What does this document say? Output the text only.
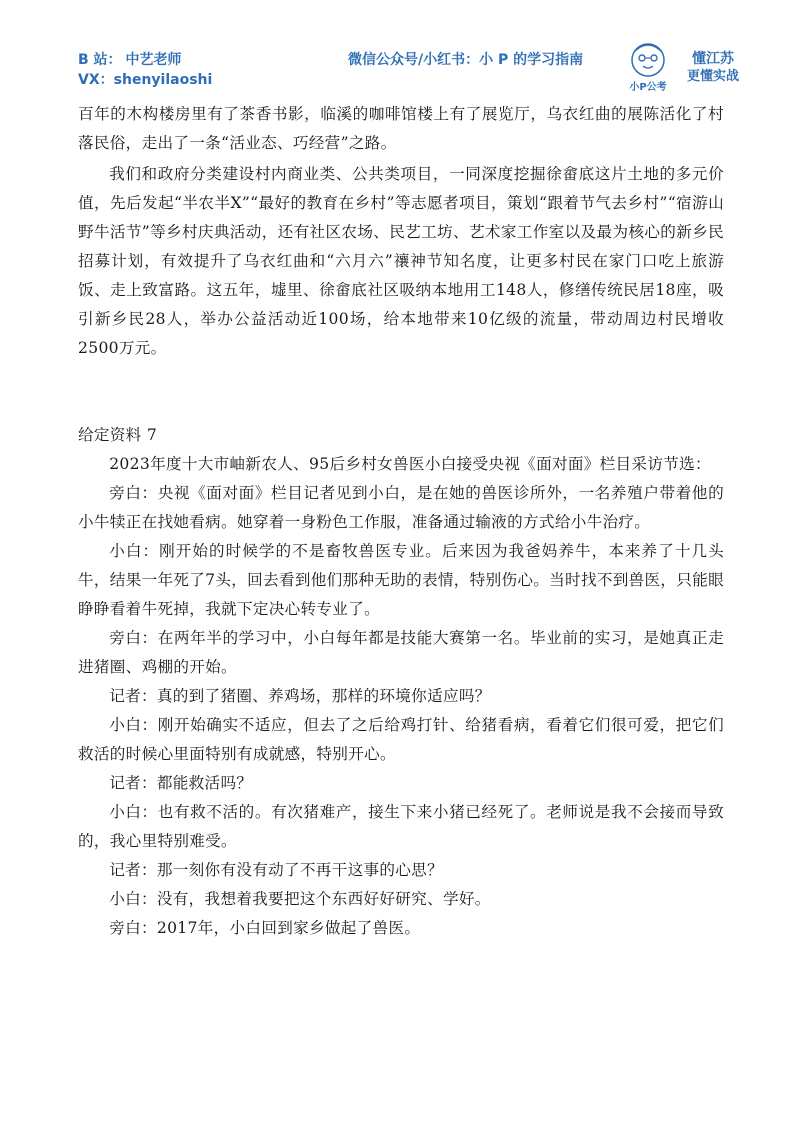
B 站： 中艺老师
VX：shenyilaoshi
微信公众号/小红书：小 P 的学习指南
小P公考
懂江苏
更懂实战

百年的木构楼房里有了茶香书影，临溪的咖啡馆楼上有了展览厅，乌衣红曲的展陈活化了村落民俗，走出了一条“活业态、巧经营”之路。

我们和政府分类建设村内商业类、公共类项目，一同深度挖掘徐畲底这片土地的多元价值，先后发起“半农半X”“最好的教育在乡村”等志愿者项目，策划“跟着节气去乡村”“宿游山野牛活节”等乡村庆典活动，还有社区农场、民艺工坊、艺术家工作室以及最为核心的新乡民招募计划，有效提升了乌衣红曲和“六月六”禳神节知名度，让更多村民在家门口吃上旅游饭、走上致富路。这五年，墟里、徐畲底社区吸纳本地用工148人，修缮传统民居18座，吸引新乡民28人，举办公益活动近100场，给本地带来10亿级的流量，带动周边村民增收2500万元。

给定资料 7

2023年度十大市岫新农人、95后乡村女兽医小白接受央视《面对面》栏目采访节选：

旁白：央视《面对面》栏目记者见到小白，是在她的兽医诊所外，一名养殖户带着他的小牛犊正在找她看病。她穿着一身粉色工作服，准备通过输液的方式给小牛治疗。

小白：刚开始的时候学的不是畜牧兽医专业。后来因为我爸妈养牛，本来养了十几头牛，结果一年死了7头，回去看到他们那种无助的表情，特别伤心。当时找不到兽医，只能眼睁睁看着牛死掉，我就下定决心转专业了。

旁白：在两年半的学习中，小白每年都是技能大赛第一名。毕业前的实习，是她真正走进猪圈、鸡棚的开始。

记者：真的到了猪圈、养鸡场，那样的环境你适应吗？

小白：刚开始确实不适应，但去了之后给鸡打针、给猪看病，看着它们很可爱，把它们救活的时候心里面特别有成就感，特别开心。

记者：都能救活吗？

小白：也有救不活的。有次猪难产，接生下来小猪已经死了。老师说是我不会接而导致的，我心里特别难受。

记者：那一刻你有没有动了不再干这事的心思？

小白：没有，我想着我要把这个东西好好研究、学好。

旁白：2017年，小白回到家乡做起了兽医。
